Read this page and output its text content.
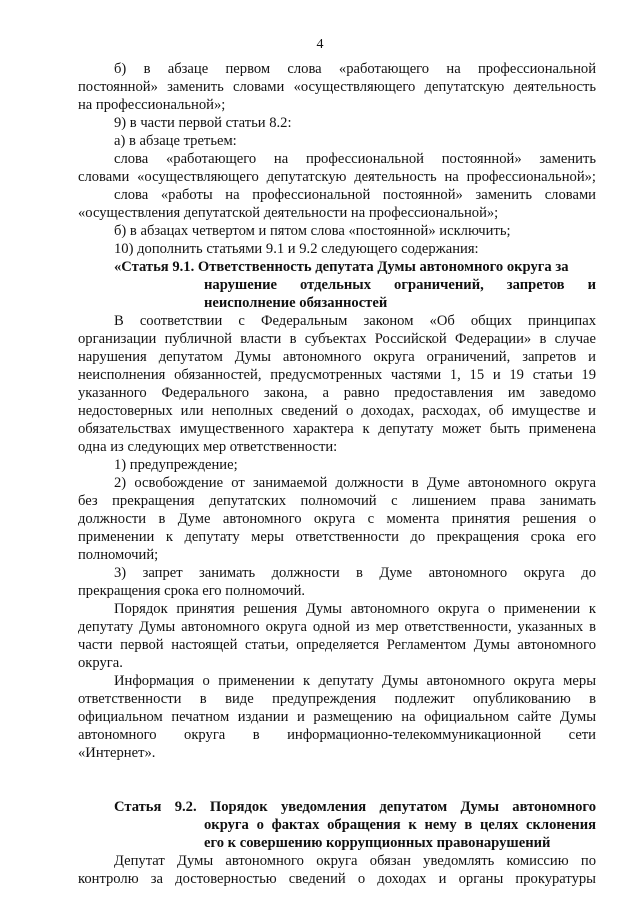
4
б) в абзаце первом слова «работающего на профессиональной
постоянной» заменить словами «осуществляющего депутатскую деятельность
на профессиональной»;
9) в части первой статьи 8.2:
а) в абзаце третьем:
слова «работающего на профессиональной постоянной» заменить
словами «осуществляющего депутатскую деятельность на профессиональной»;
слова «работы на профессиональной постоянной» заменить словами
«осуществления депутатской деятельности на профессиональной»;
б) в абзацах четвертом и пятом слова «постоянной» исключить;
10) дополнить статьями 9.1 и 9.2 следующего содержания:
«Статья 9.1. Ответственность депутата Думы автономного округа за
нарушение отдельных ограничений, запретов и
неисполнение обязанностей
В соответствии с Федеральным законом «Об общих принципах
организации публичной власти в субъектах Российской Федерации» в случае
нарушения депутатом Думы автономного округа ограничений, запретов и
неисполнения обязанностей, предусмотренных частями 1, 15 и 19 статьи 19
указанного Федерального закона, а равно предоставления им заведомо
недостоверных или неполных сведений о доходах, расходах, об имуществе и
обязательствах имущественного характера к депутату может быть применена
одна из следующих мер ответственности:
1) предупреждение;
2) освобождение от занимаемой должности в Думе автономного округа
без прекращения депутатских полномочий с лишением права занимать
должности в Думе автономного округа с момента принятия решения о
применении к депутату меры ответственности до прекращения срока его
полномочий;
3) запрет занимать должности в Думе автономного округа до
прекращения срока его полномочий.
Порядок принятия решения Думы автономного округа о применении к
депутату Думы автономного округа одной из мер ответственности, указанных в
части первой настоящей статьи, определяется Регламентом Думы автономного
округа.
Информация о применении к депутату Думы автономного округа меры
ответственности в виде предупреждения подлежит опубликованию в
официальном печатном издании и размещению на официальном сайте Думы
автономного округа в информационно-телекоммуникационной сети
«Интернет».
Статья 9.2. Порядок уведомления депутатом Думы автономного
округа о фактах обращения к нему в целях склонения
его к совершению коррупционных правонарушений
Депутат Думы автономного округа обязан уведомлять комиссию по
контролю за достоверностью сведений о доходах и органы прокуратуры
